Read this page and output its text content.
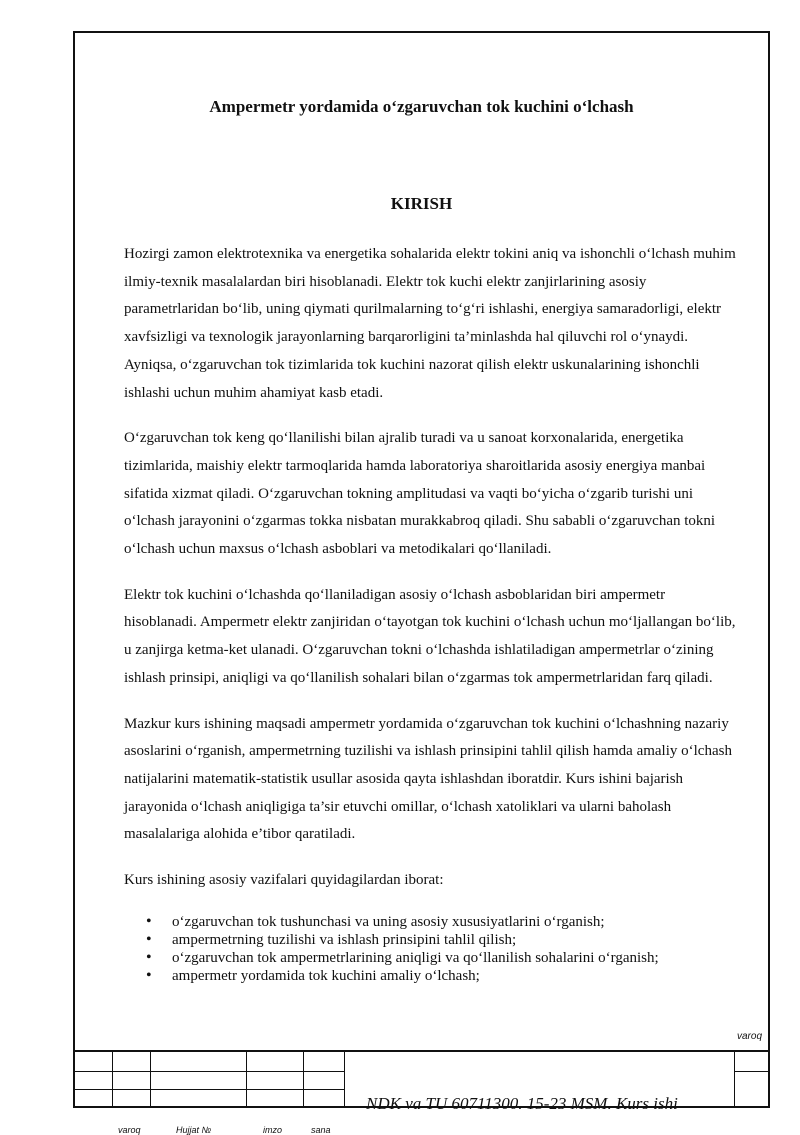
Ampermetr yordamida o‘zgaruvchan tok kuchini o‘lchash
KIRISH

Hozirgi zamon elektrotexnika va energetika sohalarida elektr tokini aniq va ishonchli o‘lchash muhim ilmiy-texnik masalalardan biri hisoblanadi. Elektr tok kuchi elektr zanjirlarining asosiy parametrlaridan bo‘lib, uning qiymati qurilmalarning to‘g‘ri ishlashi, energiya samaradorligi, elektr xavfsizligi va texnologik jarayonlarning barqarorligini ta’minlashda hal qiluvchi rol o‘ynaydi. Ayniqsa, o‘zgaruvchan tok tizimlarida tok kuchini nazorat qilish elektr uskunalarining ishonchli ishlashi uchun muhim ahamiyat kasb etadi.

O‘zgaruvchan tok keng qo‘llanilishi bilan ajralib turadi va u sanoat korxonalarida, energetika tizimlarida, maishiy elektr tarmoqlarida hamda laboratoriya sharoitlarida asosiy energiya manbai sifatida xizmat qiladi. O‘zgaruvchan tokning amplitudasi va vaqti bo‘yicha o‘zgarib turishi uni o‘lchash jarayonini o‘zgarmas tokka nisbatan murakkabroq qiladi. Shu sababli o‘zgaruvchan tokni o‘lchash uchun maxsus o‘lchash asboblari va metodikalari qo‘llaniladi.

Elektr tok kuchini o‘lchashda qo‘llaniladigan asosiy o‘lchash asboblaridan biri ampermetr hisoblanadi. Ampermetr elektr zanjiridan o‘tayotgan tok kuchini o‘lchash uchun mo‘ljallangan bo‘lib, u zanjirga ketma-ket ulanadi. O‘zgaruvchan tokni o‘lchashda ishlatiladigan ampermetrlar o‘zining ishlash prinsipi, aniqligi va qo‘llanilish sohalari bilan o‘zgarmas tok ampermetrlaridan farq qiladi.

Mazkur kurs ishining maqsadi ampermetr yordamida o‘zgaruvchan tok kuchini o‘lchashning nazariy asoslarini o‘rganish, ampermetrning tuzilishi va ishlash prinsipini tahlil qilish hamda amaliy o‘lchash natijalarini matematik-statistik usullar asosida qayta ishlashdan iboratdir. Kurs ishini bajarish jarayonida o‘lchash aniqligiga ta’sir etuvchi omillar, o‘lchash xatoliklari va ularni baholash masalalariga alohida e’tibor qaratiladi.

Kurs ishining asosiy vazifalari quyidagilardan iborat:

• o‘zgaruvchan tok tushunchasi va uning asosiy xususiyatlarini o‘rganish;
• ampermetrning tuzilishi va ishlash prinsipini tahlil qilish;
• o‘zgaruvchan tok ampermetrlarining aniqligi va qo‘llanilish sohalarini o‘rganish;
• ampermetr yordamida tok kuchini amaliy o‘lchash;
varoq
NDK va TU 60711300. 15-23 MSM. Kurs ishi
varoq	Hujjat №	imzo	sana
